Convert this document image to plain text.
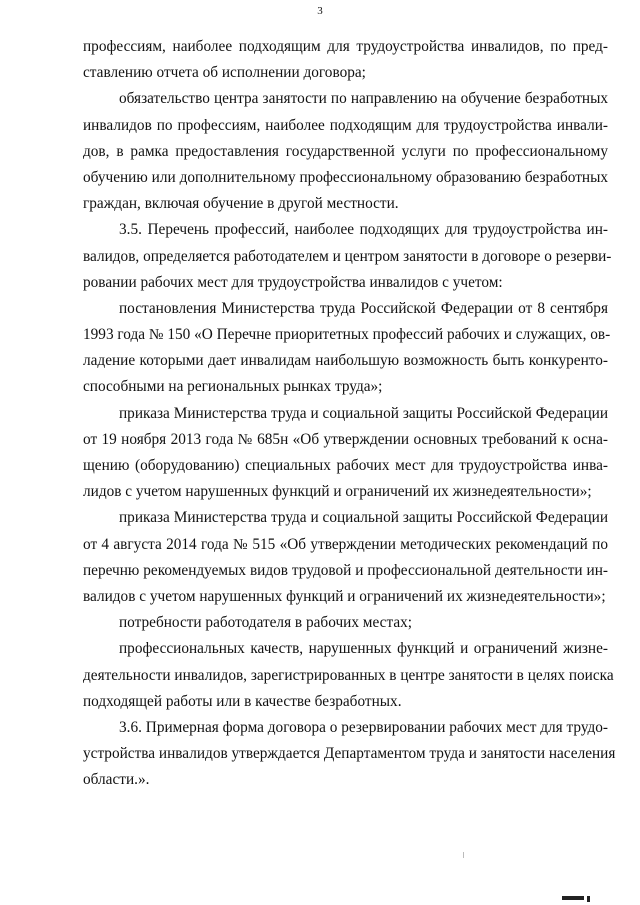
3

профессиям, наиболее подходящим для трудоустройства инвалидов, по пред-
ставлению отчета об исполнении договора;

обязательство центра занятости по направлению на обучение безработных
инвалидов по профессиям, наиболее подходящим для трудоустройства инвали-
дов, в рамка предоставления государственной услуги по профессиональному
обучению или дополнительному профессиональному образованию безработных
граждан, включая обучение в другой местности.

3.5. Перечень профессий, наиболее подходящих для трудоустройства ин-
валидов, определяется работодателем и центром занятости в договоре о резерви-
ровании рабочих мест для трудоустройства инвалидов с учетом:

постановления Министерства труда Российской Федерации от 8 сентября
1993 года № 150 «О Перечне приоритетных профессий рабочих и служащих, ов-
ладение которыми дает инвалидам наибольшую возможность быть конкуренто-
способными на региональных рынках труда»;

приказа Министерства труда и социальной защиты Российской Федерации
от 19 ноября 2013 года № 685н «Об утверждении основных требований к осна-
щению (оборудованию) специальных рабочих мест для трудоустройства инва-
лидов с учетом нарушенных функций и ограничений их жизнедеятельности»;

приказа Министерства труда и социальной защиты Российской Федерации
от 4 августа 2014 года № 515 «Об утверждении методических рекомендаций по
перечню рекомендуемых видов трудовой и профессиональной деятельности ин-
валидов с учетом нарушенных функций и ограничений их жизнедеятельности»;

потребности работодателя в рабочих местах;

профессиональных качеств, нарушенных функций и ограничений жизне-
деятельности инвалидов, зарегистрированных в центре занятости в целях поиска
подходящей работы или в качестве безработных.

3.6. Примерная форма договора о резервировании рабочих мест для трудо-
устройства инвалидов утверждается Департаментом труда и занятости населения
области.».
